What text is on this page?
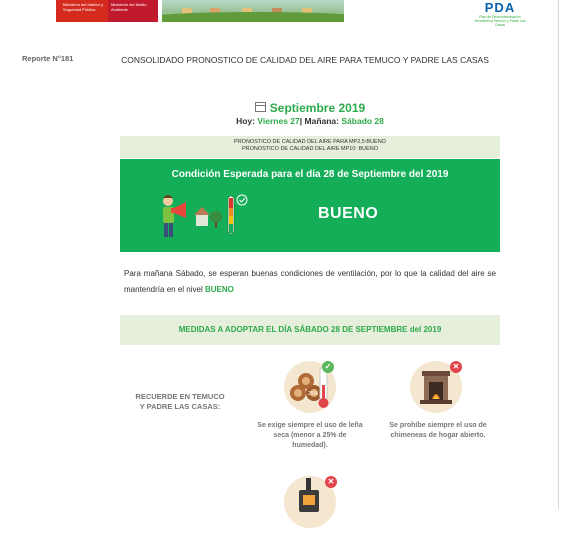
Ministerio del Interior y Seguridad Pública
Ministerio del Medio Ambiente	PDA
Plan de Descontaminación Atmosférica Temuco y Padre Las Casas
Reporte N°181	CONSOLIDADO PRONOSTICO DE CALIDAD DEL AIRE PARA TEMUCO Y PADRE LAS CASAS
Septiembre 2019
Hoy: Viernes 27| Mañana: Sábado 28
PRONOSTICO DE CALIDAD DEL AIRE PARA MP2,5:BUENO
PRONOSTICO DE CALIDAD DEL AIRE MP10: BUENO
Condición Esperada para el día 28 de Septiembre del 2019
BUENO
Para mañana Sábado, se esperan buenas condiciones de ventilación, por lo que la calidad del aire se mantendría en el nivel BUENO
MEDIDAS A ADOPTAR EL DÍA SÁBADO 28 DE SEPTIEMBRE del 2019
RECUERDE EN TEMUCO Y PADRE LAS CASAS:
25%
✓
Se exige siempre el uso de leña seca (menor a 25% de humedad).
✕
Se prohíbe siempre el uso de chimeneas de hogar abierto.
✕
